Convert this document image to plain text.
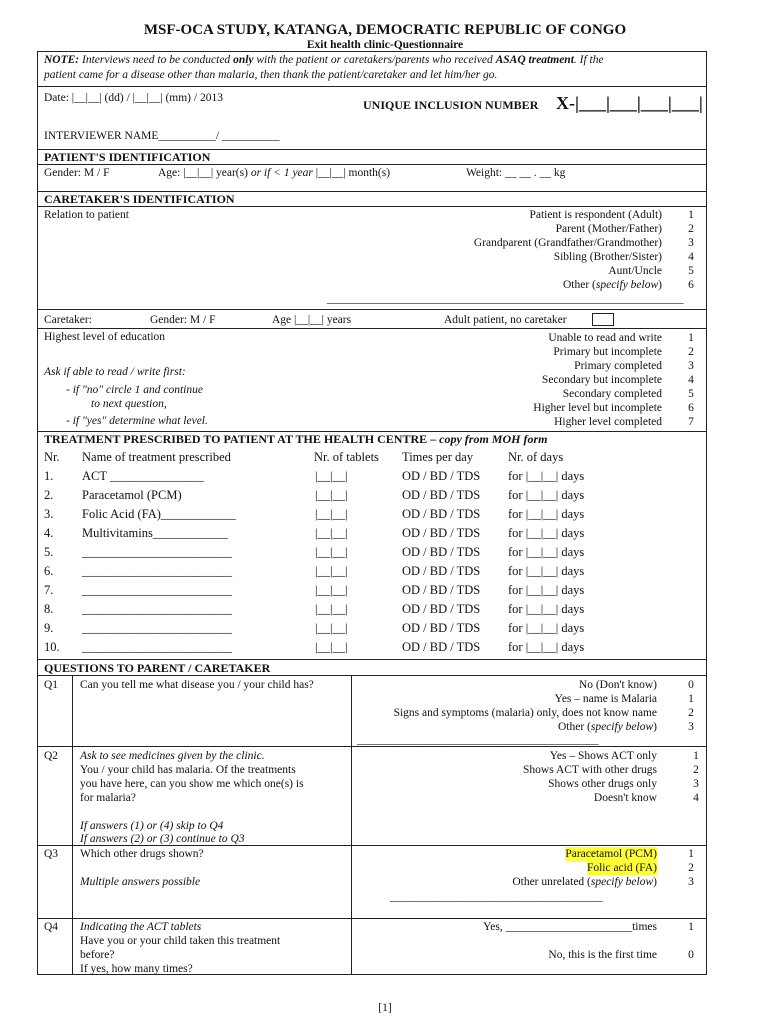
MSF-OCA STUDY, KATANGA, DEMOCRATIC REPUBLIC OF CONGO
Exit health clinic-Questionnaire
NOTE: Interviews need to be conducted only with the patient or caretakers/parents who received ASAQ treatment. If the
patient came for a disease other than malaria, then thank the patient/caretaker and let him/her go.
Date: |__|__| (dd) / |__|__| (mm) / 2013	UNIQUE INCLUSION NUMBER X-|___|___|___|___|
INTERVIEWER NAME__________/ __________
PATIENT'S IDENTIFICATION
Gender: M / F	Age: |__|__| year(s) or if < 1 year |__|__| month(s)	Weight: __ __ . __ kg
CARETAKER'S IDENTIFICATION
Relation to patient	Patient is respondent (Adult)	1
Parent (Mother/Father)	2
Grandparent (Grandfather/Grandmother)	3
Sibling (Brother/Sister)	4
Aunt/Uncle	5
Other (specify below)	6
______________________________________________________________
Caretaker:	Gender: M / F	Age |__|__| years	Adult patient, no caretaker
Highest level of education
Ask if able to read / write first:
- if "no" circle 1 and continue
to next question,
- if "yes" determine what level.
Unable to read and write	1
Primary but incomplete	2
Primary completed	3
Secondary but incomplete	4
Secondary completed	5
Higher level but incomplete	6
Higher level completed	7
TREATMENT PRESCRIBED TO PATIENT AT THE HEALTH CENTRE – copy from MOH form
Nr. Name of treatment prescribed	Nr. of tablets Times per day	Nr. of days
1. ACT _______________	|__|__|	OD / BD / TDS for |__|__| days
2. Paracetamol (PCM)	|__|__|	OD / BD / TDS for |__|__| days
3. Folic Acid (FA)____________	|__|__|	OD / BD / TDS for |__|__| days
4. Multivitamins____________	|__|__|	OD / BD / TDS for |__|__| days
5. ________________________	|__|__|	OD / BD / TDS for |__|__| days
6. ________________________	|__|__|	OD / BD / TDS for |__|__| days
7. ________________________	|__|__|	OD / BD / TDS for |__|__| days
8. ________________________	|__|__|	OD / BD / TDS for |__|__| days
9. ________________________	|__|__|	OD / BD / TDS for |__|__| days
10. ________________________	|__|__|	OD / BD / TDS for |__|__| days
QUESTIONS TO PARENT / CARETAKER
Q1 Can you tell me what disease you / your child has?	No (Don't know)	0
Yes – name is Malaria	1
Signs and symptoms (malaria) only, does not know name	2
Other (specify below)	3
__________________________________________
Q2 Ask to see medicines given by the clinic.
You / your child has malaria. Of the treatments
you have here, can you show me which one(s) is
for malaria?
If answers (1) or (4) skip to Q4
If answers (2) or (3) continue to Q3
Yes – Shows ACT only	1
Shows ACT with other drugs	2
Shows other drugs only	3
Doesn't know	4
Q3 Which other drugs shown?
Multiple answers possible
Paracetamol (PCM)	1
Folic acid (FA)	2
Other unrelated (specify below)	3
_____________________________________
__________________________________________
Q4 Indicating the ACT tablets
Have you or your child taken this treatment
before?
If yes, how many times?
Yes, ______________________times	1
No, this is the first time	0
[1]
